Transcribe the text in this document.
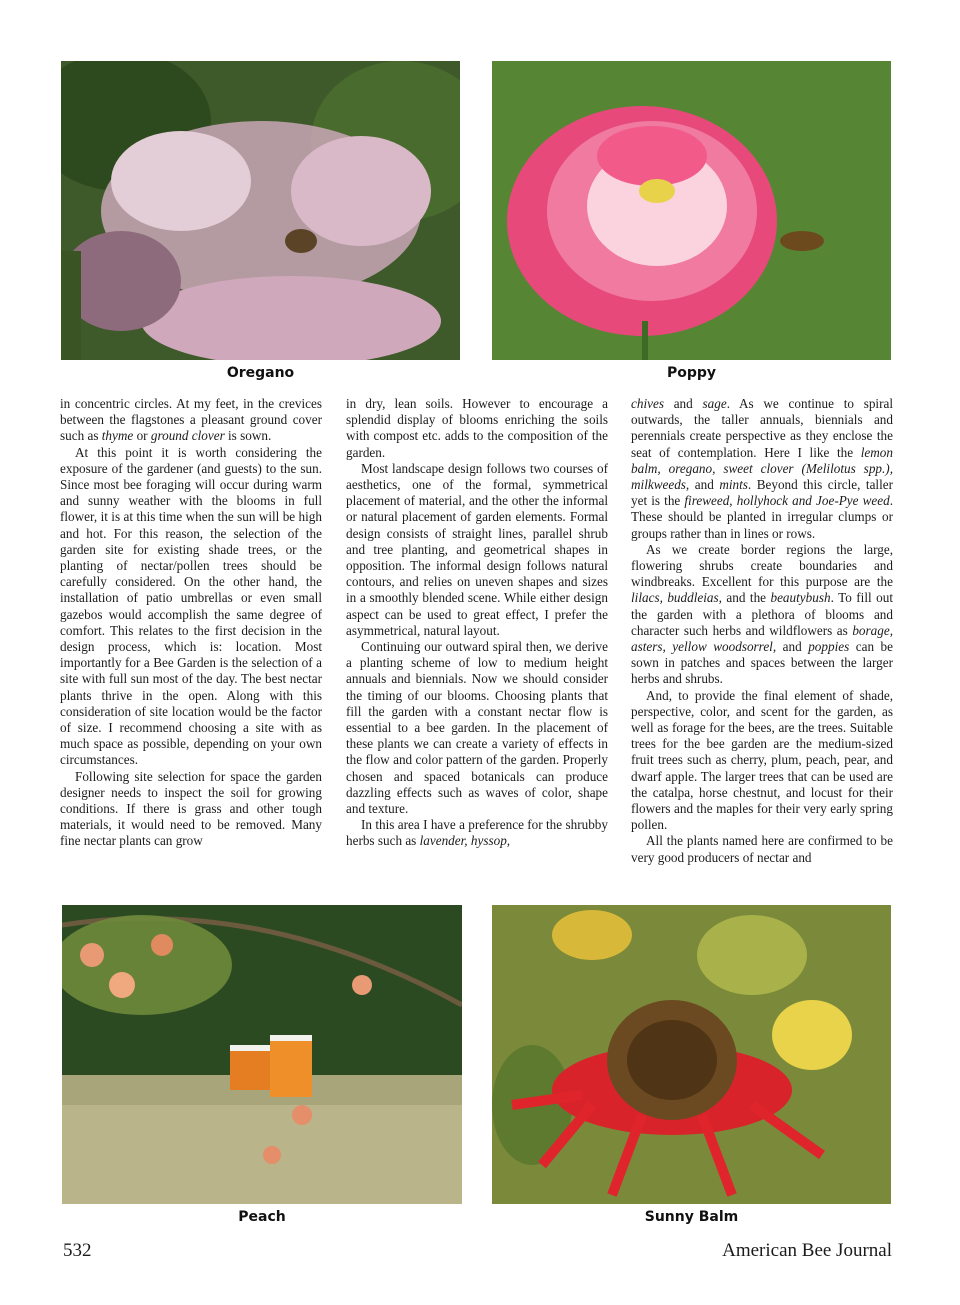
Oregano	Poppy
Peach	Sunny Balm

in concentric circles. At my feet, in the crevices between the flagstones a pleasant ground cover such as thyme or ground clover is sown.

At this point it is worth considering the exposure of the gardener (and guests) to the sun. Since most bee foraging will occur during warm and sunny weather with the blooms in full flower, it is at this time when the sun will be high and hot. For this reason, the selection of the garden site for existing shade trees, or the planting of nectar/pollen trees should be carefully considered. On the other hand, the installation of patio umbrellas or even small gazebos would accomplish the same degree of comfort. This relates to the first decision in the design process, which is: location. Most importantly for a Bee Garden is the selection of a site with full sun most of the day. The best nectar plants thrive in the open. Along with this consideration of site location would be the factor of size. I recommend choosing a site with as much space as possible, depending on your own circumstances.

Following site selection for space the garden designer needs to inspect the soil for growing conditions. If there is grass and other tough materials, it would need to be removed. Many fine nectar plants can grow

in dry, lean soils. However to encourage a splendid display of blooms enriching the soils with compost etc. adds to the composition of the garden.

Most landscape design follows two courses of aesthetics, one of the formal, symmetrical placement of material, and the other the informal or natural placement of garden elements. Formal design consists of straight lines, parallel shrub and tree planting, and geometrical shapes in opposition. The informal design follows natural contours, and relies on uneven shapes and sizes in a smoothly blended scene. While either design aspect can be used to great effect, I prefer the asymmetrical, natural layout.

Continuing our outward spiral then, we derive a planting scheme of low to medium height annuals and biennials. Now we should consider the timing of our blooms. Choosing plants that fill the garden with a constant nectar flow is essential to a bee garden. In the placement of these plants we can create a variety of effects in the flow and color pattern of the garden. Properly chosen and spaced botanicals can produce dazzling effects such as waves of color, shape and texture.

In this area I have a preference for the shrubby herbs such as lavender, hyssop,

chives and sage. As we continue to spiral outwards, the taller annuals, biennials and perennials create perspective as they enclose the seat of contemplation. Here I like the lemon balm, oregano, sweet clover (Melilotus spp.), milkweeds, and mints. Beyond this circle, taller yet is the fireweed, hollyhock and Joe-Pye weed. These should be planted in irregular clumps or groups rather than in lines or rows.

As we create border regions the large, flowering shrubs create boundaries and windbreaks. Excellent for this purpose are the lilacs, buddleias, and the beautybush. To fill out the garden with a plethora of blooms and character such herbs and wildflowers as borage, asters, yellow woodsorrel, and poppies can be sown in patches and spaces between the larger herbs and shrubs.

And, to provide the final element of shade, perspective, color, and scent for the garden, as well as forage for the bees, are the trees. Suitable trees for the bee garden are the medium-sized fruit trees such as cherry, plum, peach, pear, and dwarf apple. The larger trees that can be used are the catalpa, horse chestnut, and locust for their flowers and the maples for their very early spring pollen.

All the plants named here are confirmed to be very good producers of nectar and

532	American Bee Journal
